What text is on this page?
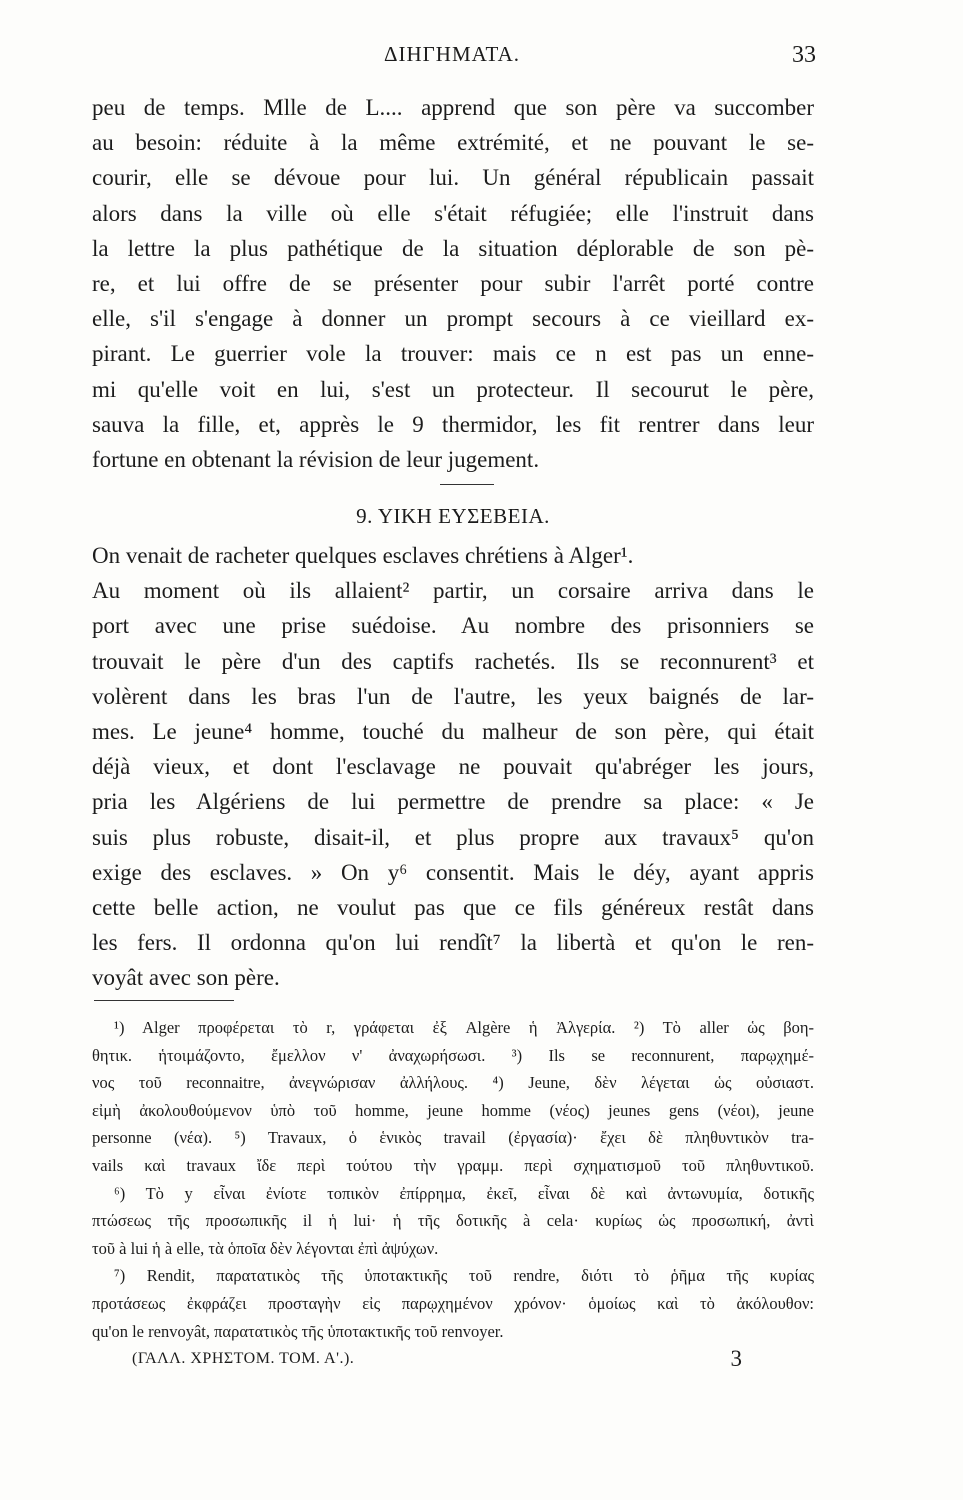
ΔΙΗΓΗΜΑΤΑ.	33
peu de temps. Mlle de L.... apprend que son père va succomber
au besoin: réduite à la même extrémité, et ne pouvant le se-
courir, elle se dévoue pour lui. Un général républicain passait
alors dans la ville où elle s'était réfugiée; elle l'instruit dans
la lettre la plus pathétique de la situation déplorable de son pè-
re, et lui offre de se présenter pour subir l'arrêt porté contre
elle, s'il s'engage à donner un prompt secours à ce vieillard ex-
pirant. Le guerrier vole la trouver: mais ce n est pas un enne-
mi qu'elle voit en lui, s'est un protecteur. Il secourut le père,
sauva la fille, et, apprès le 9 thermidor, les fit rentrer dans leur
fortune en obtenant la révision de leur jugement.
9. ΥΙΚΗ ΕΥΣΕΒΕΙΑ.
On venait de racheter quelques esclaves chrétiens à Alger¹.
Au moment où ils allaient² partir, un corsaire arriva dans le
port avec une prise suédoise. Au nombre des prisonniers se
trouvait le père d'un des captifs rachetés. Ils se reconnurent³ et
volèrent dans les bras l'un de l'autre, les yeux baignés de lar-
mes. Le jeune⁴ homme, touché du malheur de son père, qui était
déjà vieux, et dont l'esclavage ne pouvait qu'abréger les jours,
pria les Algériens de lui permettre de prendre sa place: « Je
suis plus robuste, disait-il, et plus propre aux travaux⁵ qu'on
exige des esclaves. » On y⁶ consentit. Mais le déy, ayant appris
cette belle action, ne voulut pas que ce fils généreux restât dans
les fers. Il ordonna qu'on lui rendît⁷ la libertà et qu'on le ren-
voyât avec son père.
¹) Alger προφέρεται τὸ r, γράφεται ἐξ Algère ἡ Ἀλγερία. ²) Τὸ aller ὡς βοη-
θητικ. ἡτοιμάζοντο, ἔμελλον ν' ἀναχωρήσωσι. ³) Ils se reconnurent, παρῳχημέ-
νος τοῦ reconnaitre, ἀνεγνώρισαν ἀλλήλους. ⁴) Jeune, δὲν λέγεται ὡς οὐσιαστ.
εἰμὴ ἀκολουθούμενον ὑπὸ τοῦ homme, jeune homme (νέος) jeunes gens (νέοι), jeune
personne (νέα). ⁵) Travaux, ὁ ἑνικὸς travail (ἐργασία)· ἔχει δὲ πληθυντικὸν tra-
vails καὶ travaux ἴδε περὶ τούτου τὴν γραμμ. περὶ σχηματισμοῦ τοῦ πληθυντικοῦ.
⁶) Τὸ y εἶναι ἐνίοτε τοπικὸν ἐπίρρημα, ἐκεῖ, εἶναι δὲ καὶ ἀντωνυμία, δοτικῆς
πτώσεως τῆς προσωπικῆς il ἡ lui· ἡ τῆς δοτικῆς à cela· κυρίως ὡς προσωπική, ἀντὶ
τοῦ à lui ἡ à elle, τὰ ὁποῖα δὲν λέγονται ἐπὶ ἀψύχων.
⁷) Rendit, παρατατικὸς τῆς ὑποτακτικῆς τοῦ rendre, διότι τὸ ῥῆμα τῆς κυρίας
προτάσεως ἐκφράζει προσταγὴν εἰς παρῳχημένον χρόνον· ὁμοίως καὶ τὸ ἀκόλουθον:
qu'on le renvoyât, παρατατικὸς τῆς ὑποτακτικῆς τοῦ renvoyer.
(ΓΑΛΛ. ΧΡΗΣΤΟΜ. ΤΟΜ. Α'.).	3
